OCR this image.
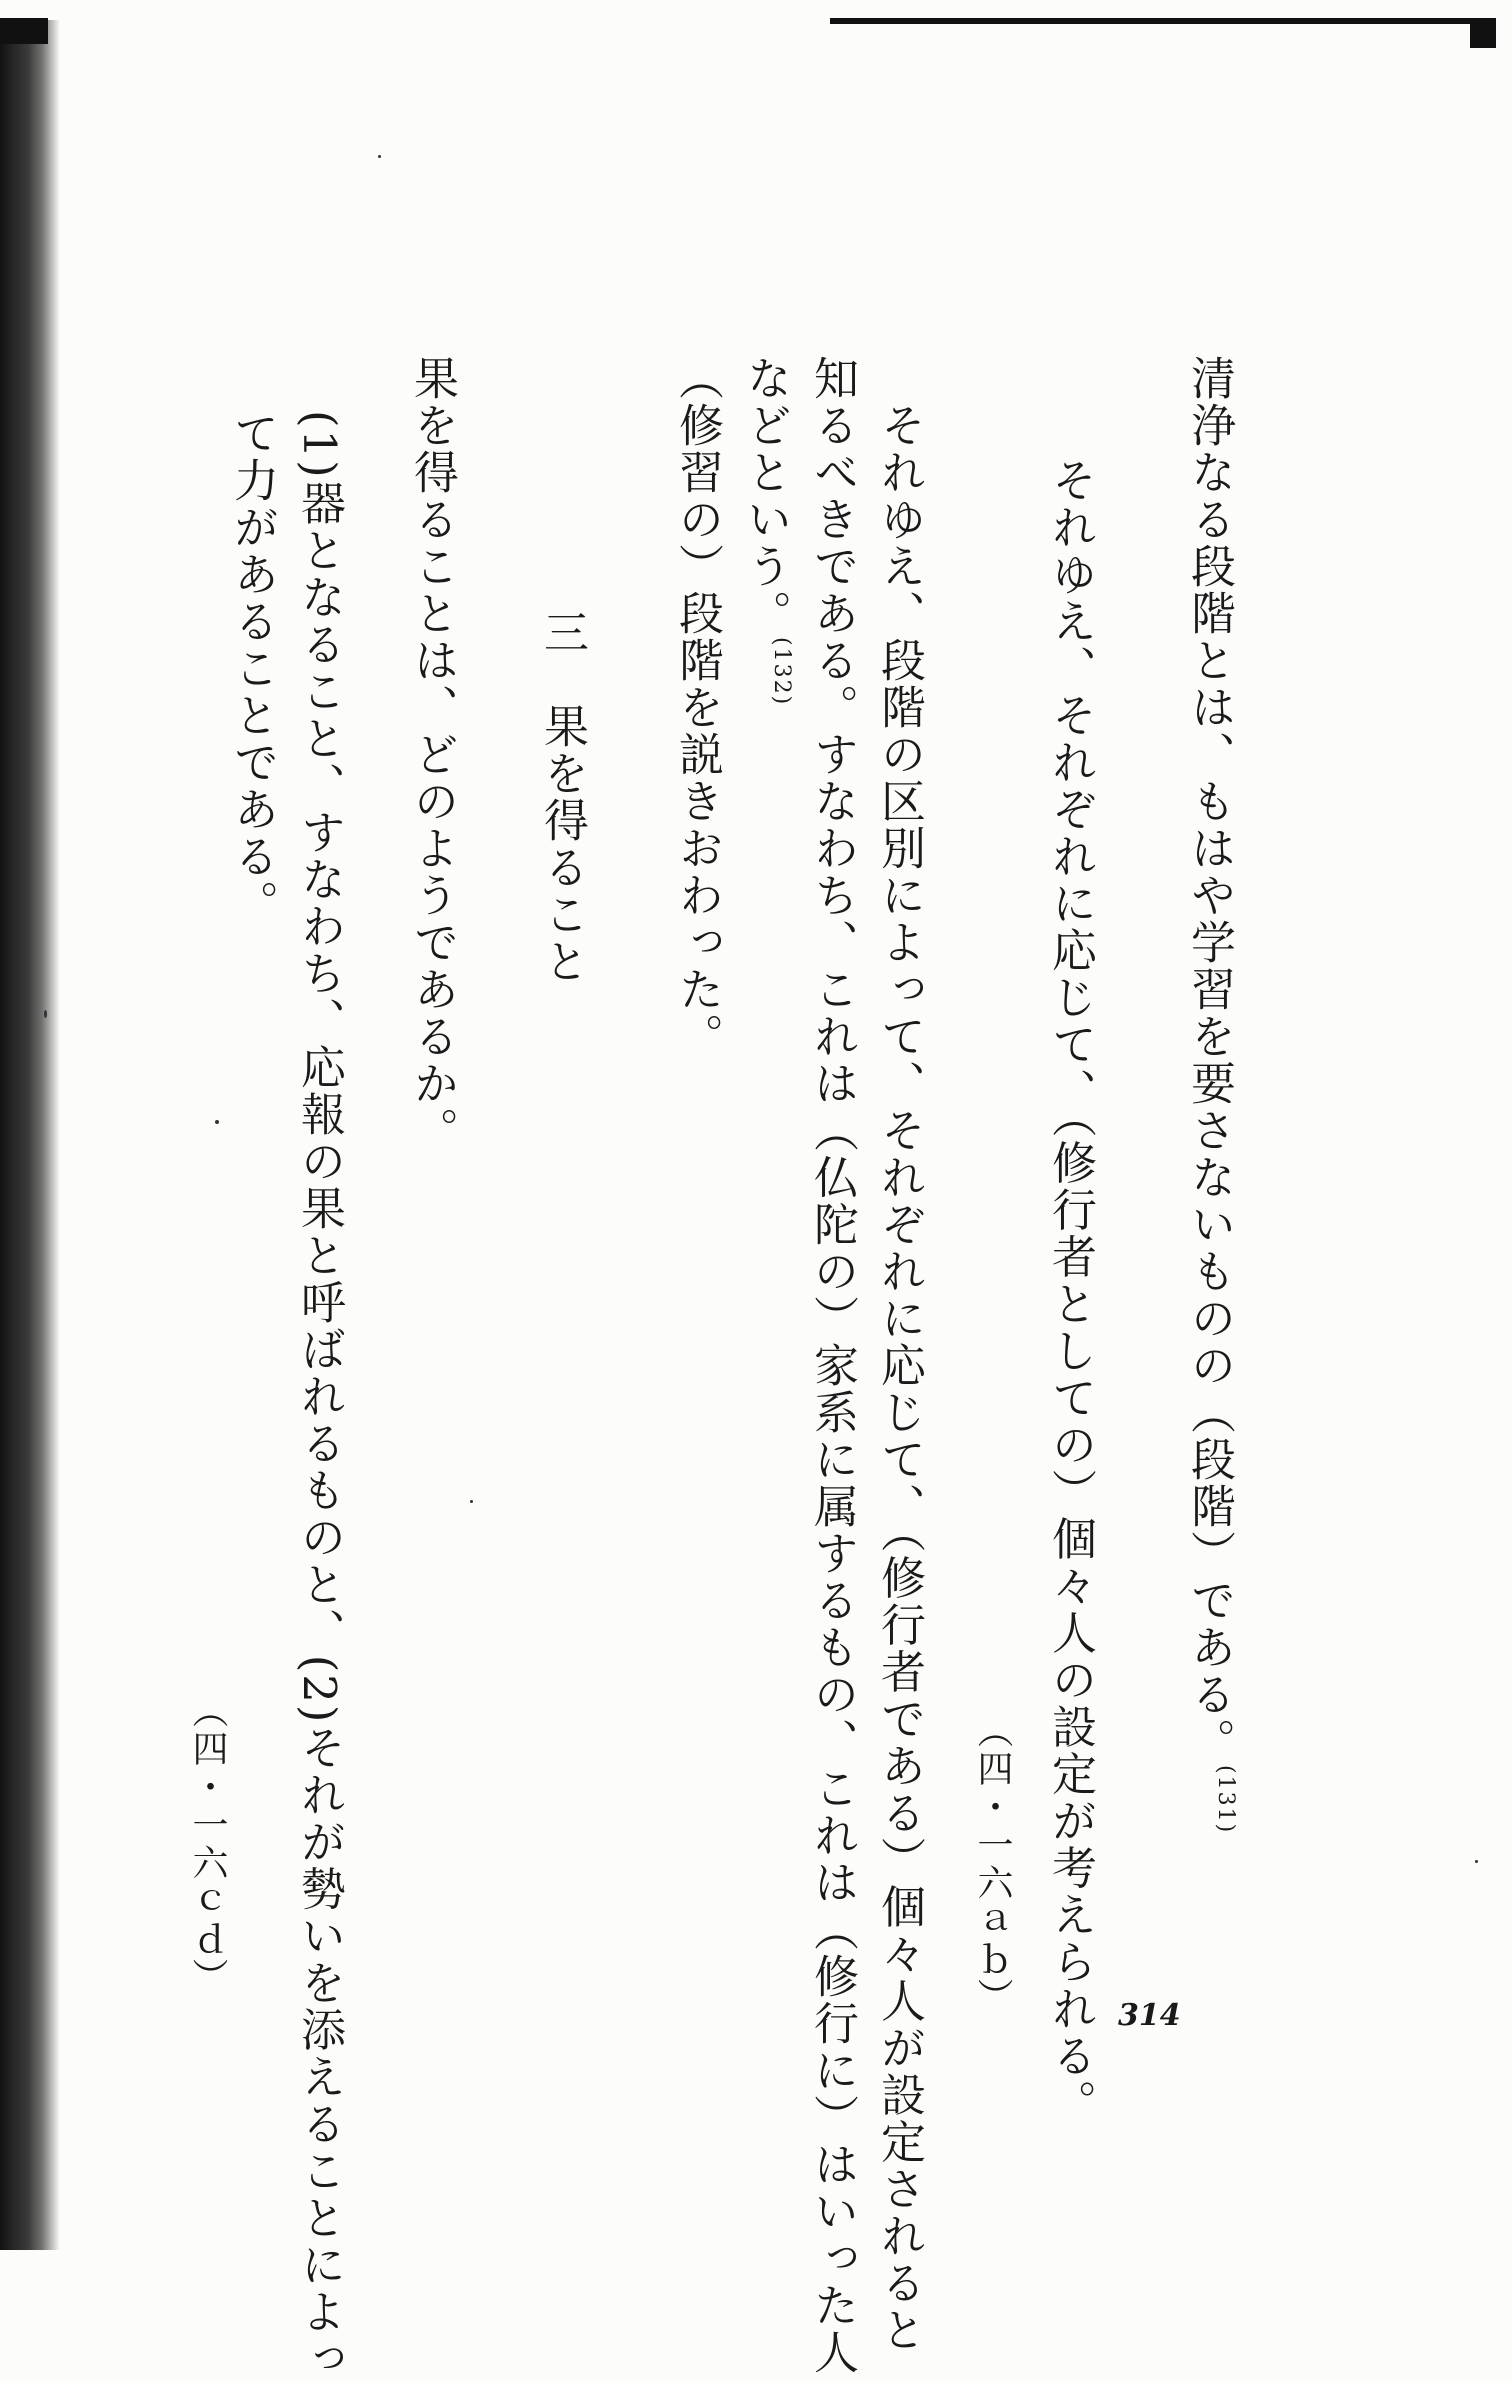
清浄なる段階とは、もはや学習を要さないものの（段階）である。$^{(131)}$
　それゆえ、それぞれに応じて、（修行者としての）個々人の設定が考えられる。
（四・一六ａｂ）
　それゆえ、段階の区別によって、それぞれに応じて、（修行者である）個々人が設定されると
知るべきである。すなわち、これは（仏陀の）家系に属するもの、これは（修行に）はいった人
などという。$^{(132)}$
（修習の）段階を説きおわった。
　　三　果を得ること
果を得ることは、どのようであるか。
(1)器となること、すなわち、応報の果と呼ばれるものと、(2)それが勢いを添えることによっ
て力があることである。
（四・一六ｃｄ）
314
